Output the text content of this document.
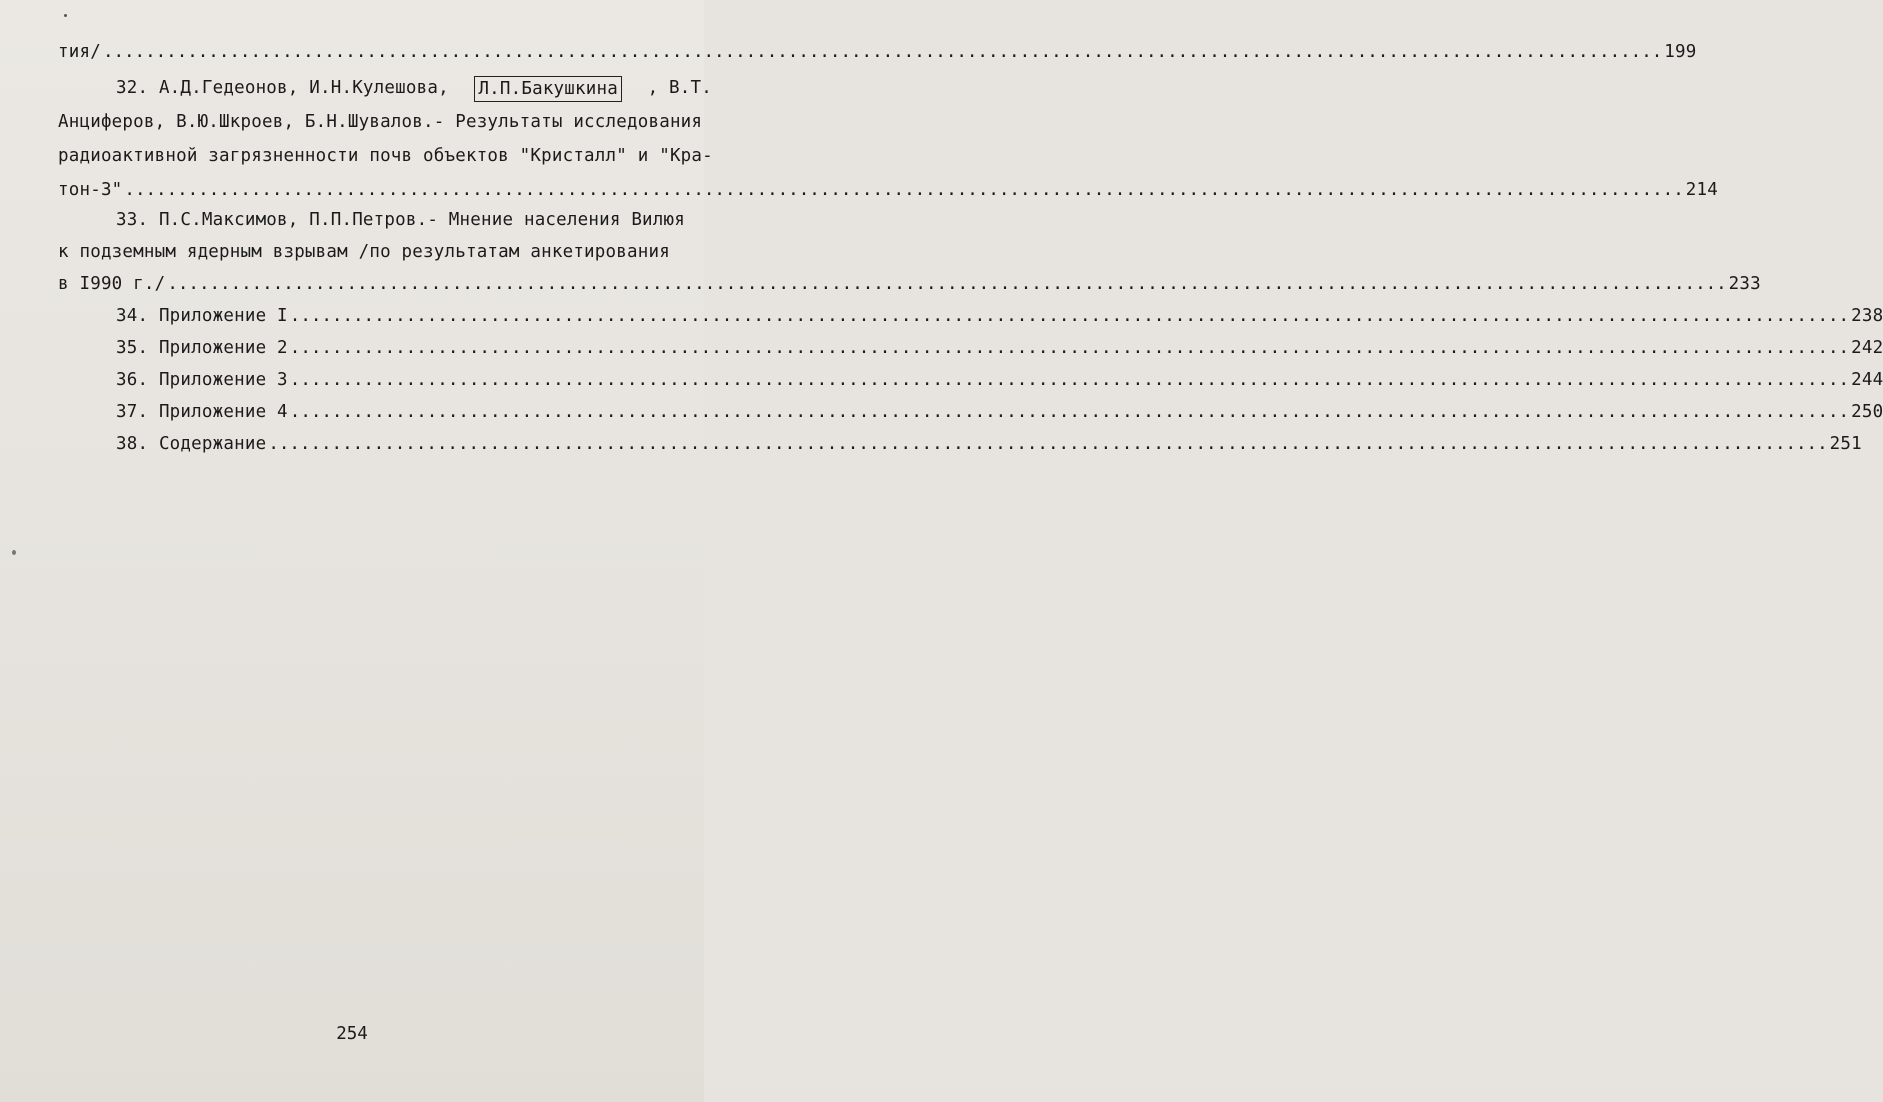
тия/ .....	199
32. А.Д.Гедеонов, И.Н.Кулешова, Л.П.Бакушкина , В.Т.
Анциферов, В.Ю.Шкроев, Б.Н.Шувалов.- Результаты исследования
радиоактивной загрязненности почв объектов "Кристалл" и "Кра-
тон-3" .....	214
33. П.С.Максимов, П.П.Петров.- Мнение населения Вилюя
к подземным ядерным взрывам /по результатам анкетирования
в I990 г./ .....	233
34. Приложение I .....	238
35. Приложение 2 .....	242
36. Приложение 3 .....	244
37. Приложение 4 .....	250
38. Содержание .....	251
254
